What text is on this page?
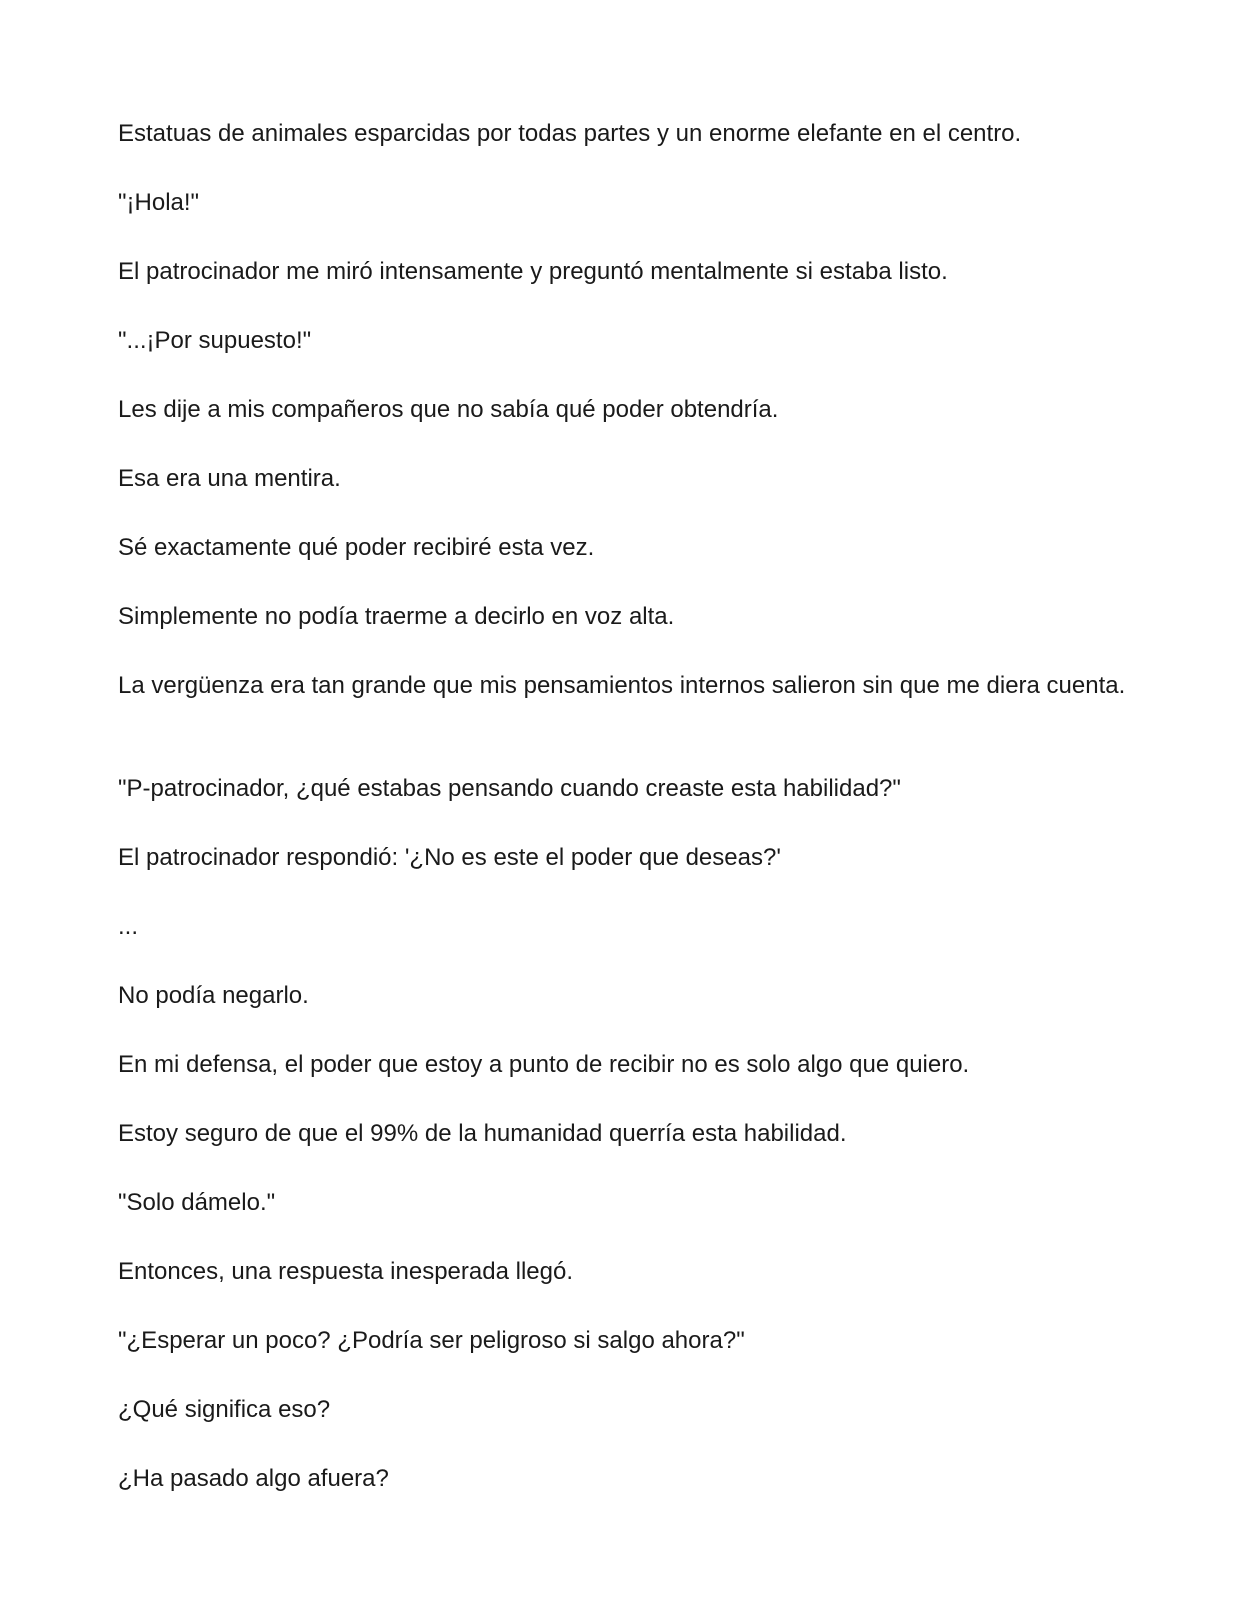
Estatuas de animales esparcidas por todas partes y un enorme elefante en el centro.

"¡Hola!"

El patrocinador me miró intensamente y preguntó mentalmente si estaba listo.

"...¡Por supuesto!"

Les dije a mis compañeros que no sabía qué poder obtendría.

Esa era una mentira.

Sé exactamente qué poder recibiré esta vez.

Simplemente no podía traerme a decirlo en voz alta.

La vergüenza era tan grande que mis pensamientos internos salieron sin que me diera cuenta.

"P-patrocinador, ¿qué estabas pensando cuando creaste esta habilidad?"

El patrocinador respondió: '¿No es este el poder que deseas?'

...

No podía negarlo.

En mi defensa, el poder que estoy a punto de recibir no es solo algo que quiero.

Estoy seguro de que el 99% de la humanidad querría esta habilidad.

"Solo dámelo."

Entonces, una respuesta inesperada llegó.

"¿Esperar un poco? ¿Podría ser peligroso si salgo ahora?"

¿Qué significa eso?

¿Ha pasado algo afuera?
